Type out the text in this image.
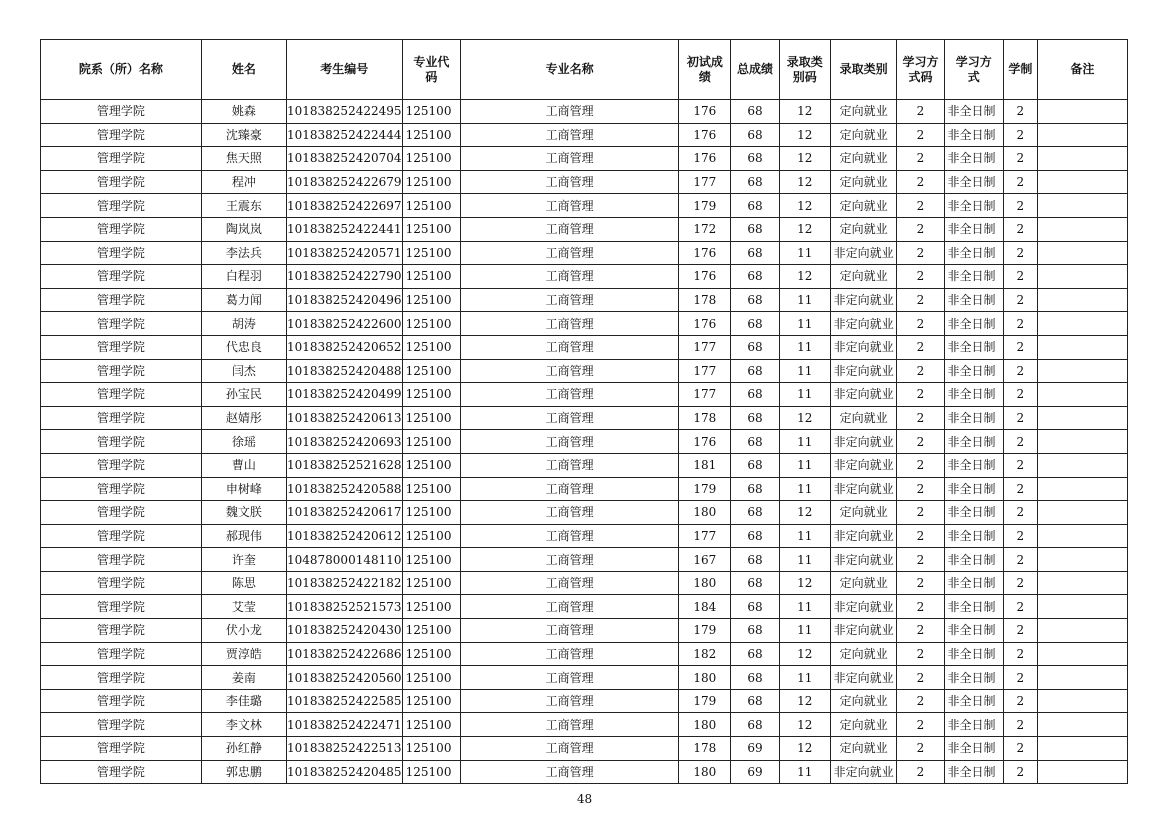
院系（所）名称	姓名	考生编号	专业代码	专业名称	初试成绩	总成绩	录取类别码	录取类别	学习方式码	学习方式	学制	备注
管理学院	姚森	101838252422495	125100	工商管理	176	68	12	定向就业	2	非全日制	2	
管理学院	沈臻豪	101838252422444	125100	工商管理	176	68	12	定向就业	2	非全日制	2	
管理学院	焦天照	101838252420704	125100	工商管理	176	68	12	定向就业	2	非全日制	2	
管理学院	程冲	101838252422679	125100	工商管理	177	68	12	定向就业	2	非全日制	2	
管理学院	王震东	101838252422697	125100	工商管理	179	68	12	定向就业	2	非全日制	2	
管理学院	陶岚岚	101838252422441	125100	工商管理	172	68	12	定向就业	2	非全日制	2	
管理学院	李法兵	101838252420571	125100	工商管理	176	68	11	非定向就业	2	非全日制	2	
管理学院	白程羽	101838252422790	125100	工商管理	176	68	12	定向就业	2	非全日制	2	
管理学院	葛力闻	101838252420496	125100	工商管理	178	68	11	非定向就业	2	非全日制	2	
管理学院	胡涛	101838252422600	125100	工商管理	176	68	11	非定向就业	2	非全日制	2	
管理学院	代忠良	101838252420652	125100	工商管理	177	68	11	非定向就业	2	非全日制	2	
管理学院	闫杰	101838252420488	125100	工商管理	177	68	11	非定向就业	2	非全日制	2	
管理学院	孙宝民	101838252420499	125100	工商管理	177	68	11	非定向就业	2	非全日制	2	
管理学院	赵婧彤	101838252420613	125100	工商管理	178	68	12	定向就业	2	非全日制	2	
管理学院	徐瑶	101838252420693	125100	工商管理	176	68	11	非定向就业	2	非全日制	2	
管理学院	曹山	101838252521628	125100	工商管理	181	68	11	非定向就业	2	非全日制	2	
管理学院	申树峰	101838252420588	125100	工商管理	179	68	11	非定向就业	2	非全日制	2	
管理学院	魏文朕	101838252420617	125100	工商管理	180	68	12	定向就业	2	非全日制	2	
管理学院	郝现伟	101838252420612	125100	工商管理	177	68	11	非定向就业	2	非全日制	2	
管理学院	许奎	104878000148110	125100	工商管理	167	68	11	非定向就业	2	非全日制	2	
管理学院	陈思	101838252422182	125100	工商管理	180	68	12	定向就业	2	非全日制	2	
管理学院	艾莹	101838252521573	125100	工商管理	184	68	11	非定向就业	2	非全日制	2	
管理学院	伏小龙	101838252420430	125100	工商管理	179	68	11	非定向就业	2	非全日制	2	
管理学院	贾淳皓	101838252422686	125100	工商管理	182	68	12	定向就业	2	非全日制	2	
管理学院	姜南	101838252420560	125100	工商管理	180	68	11	非定向就业	2	非全日制	2	
管理学院	李佳璐	101838252422585	125100	工商管理	179	68	12	定向就业	2	非全日制	2	
管理学院	李文林	101838252422471	125100	工商管理	180	68	12	定向就业	2	非全日制	2	
管理学院	孙红静	101838252422513	125100	工商管理	178	69	12	定向就业	2	非全日制	2	
管理学院	郭忠鹏	101838252420485	125100	工商管理	180	69	11	非定向就业	2	非全日制	2	
48
